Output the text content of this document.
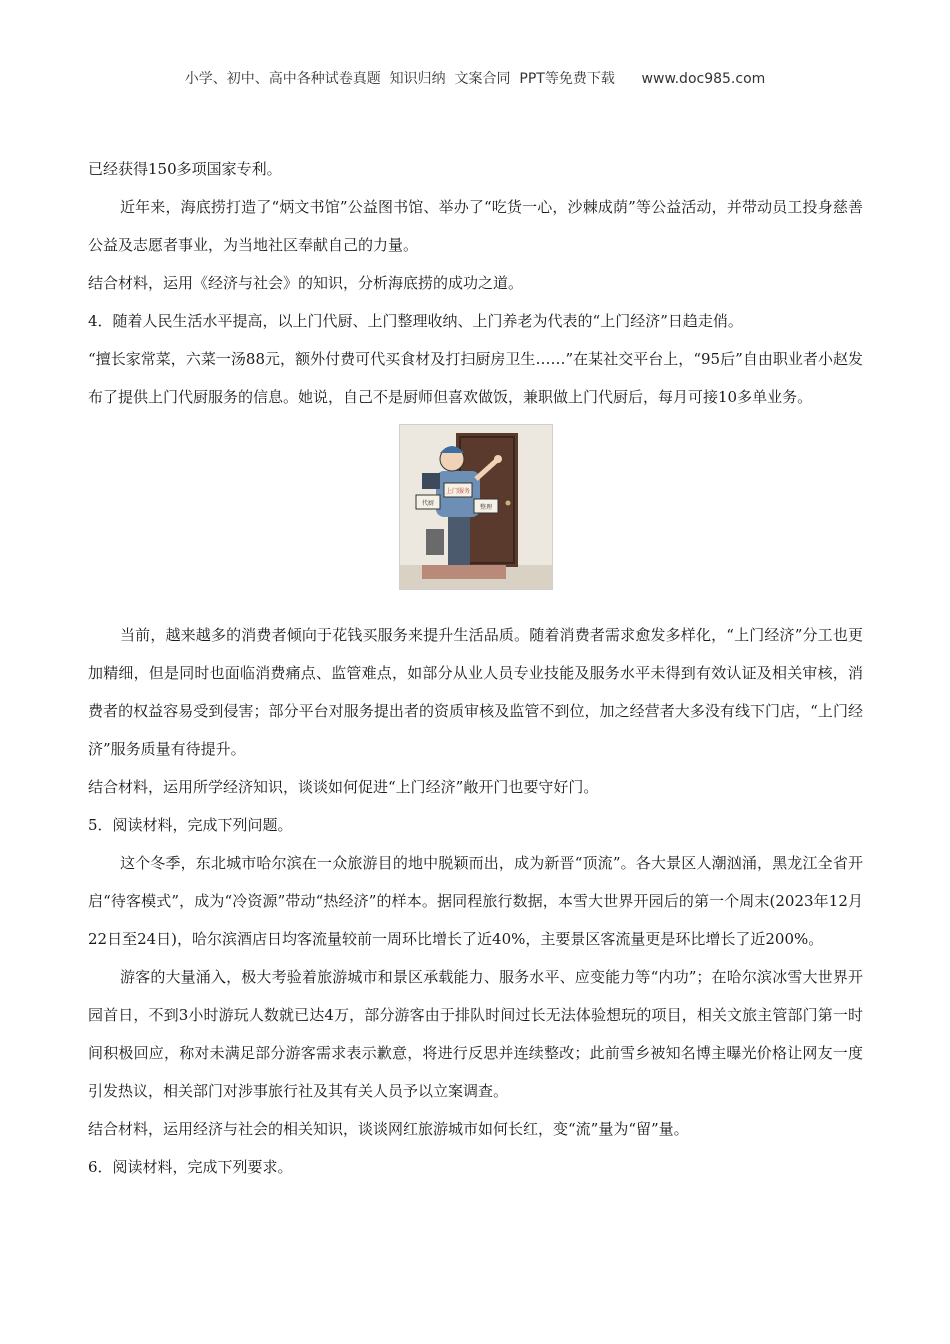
小学、初中、高中各种试卷真题  知识归纳  文案合同  PPT等免费下载      www.doc985.com

已经获得150多项国家专利。

近年来，海底捞打造了“炳文书馆”公益图书馆、举办了“吃货一心，沙棘成荫”等公益活动，并带动员工投身慈善公益及志愿者事业，为当地社区奉献自己的力量。

结合材料，运用《经济与社会》的知识，分析海底捞的成功之道。

4．随着人民生活水平提高，以上门代厨、上门整理收纳、上门养老为代表的“上门经济”日趋走俏。

“擅长家常菜，六菜一汤88元，额外付费可代买食材及打扫厨房卫生……”在某社交平台上，“95后”自由职业者小赵发布了提供上门代厨服务的信息。她说，自己不是厨师但喜欢做饭，兼职做上门代厨后，每月可接10多单业务。

上门服务
代厨
整理

当前，越来越多的消费者倾向于花钱买服务来提升生活品质。随着消费者需求愈发多样化，“上门经济”分工也更加精细，但是同时也面临消费痛点、监管难点，如部分从业人员专业技能及服务水平未得到有效认证及相关审核，消费者的权益容易受到侵害；部分平台对服务提出者的资质审核及监管不到位，加之经营者大多没有线下门店，“上门经济”服务质量有待提升。

结合材料，运用所学经济知识，谈谈如何促进“上门经济”敞开门也要守好门。

5．阅读材料，完成下列问题。

这个冬季，东北城市哈尔滨在一众旅游目的地中脱颖而出，成为新晋“顶流”。各大景区人潮汹涌，黑龙江全省开启“待客模式”，成为“冷资源”带动“热经济”的样本。据同程旅行数据，本雪大世界开园后的第一个周末(2023年12月22日至24日)，哈尔滨酒店日均客流量较前一周环比增长了近40%，主要景区客流量更是环比增长了近200%。

游客的大量涌入，极大考验着旅游城市和景区承载能力、服务水平、应变能力等“内功”；在哈尔滨冰雪大世界开园首日，不到3小时游玩人数就已达4万，部分游客由于排队时间过长无法体验想玩的项目，相关文旅主管部门第一时间积极回应，称对未满足部分游客需求表示歉意，将进行反思并连续整改；此前雪乡被知名博主曝光价格让网友一度引发热议，相关部门对涉事旅行社及其有关人员予以立案调查。

结合材料，运用经济与社会的相关知识，谈谈网红旅游城市如何长红，变“流”量为“留”量。

6．阅读材料，完成下列要求。
